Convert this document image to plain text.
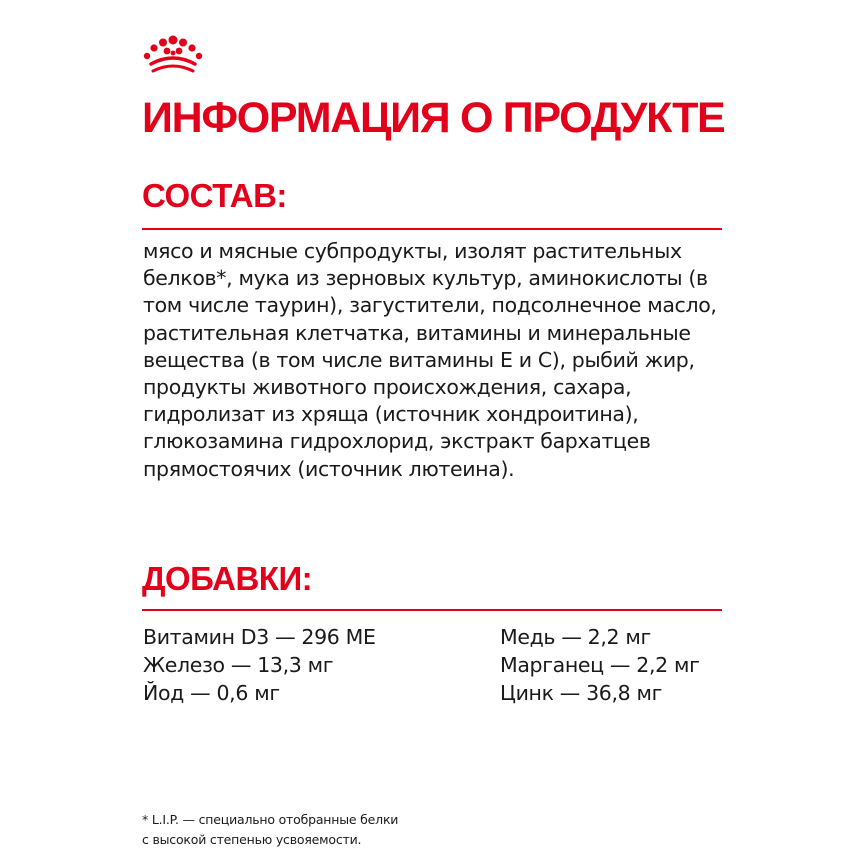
ИНФОРМАЦИЯ О ПРОДУКТЕ
СОСТАВ:

мясо и мясные субпродукты, изолят растительных белков*, мука из зерновых культур, аминокислоты (в том числе таурин), загустители, подсолнечное масло, растительная клетчатка, витамины и минеральные вещества (в том числе витамины Е и С), рыбий жир, продукты животного происхождения, сахара, гидролизат из хряща (источник хондроитина), глюкозамина гидрохлорид, экстракт бархатцев прямостоячих (источник лютеина).

ДОБАВКИ:
Витамин D3 — 296 МЕ
Железо — 13,3 мг
Йод — 0,6 мг
Медь — 2,2 мг
Марганец — 2,2 мг
Цинк — 36,8 мг

* L.I.P. — специально отобранные белки
с высокой степенью усвояемости.
